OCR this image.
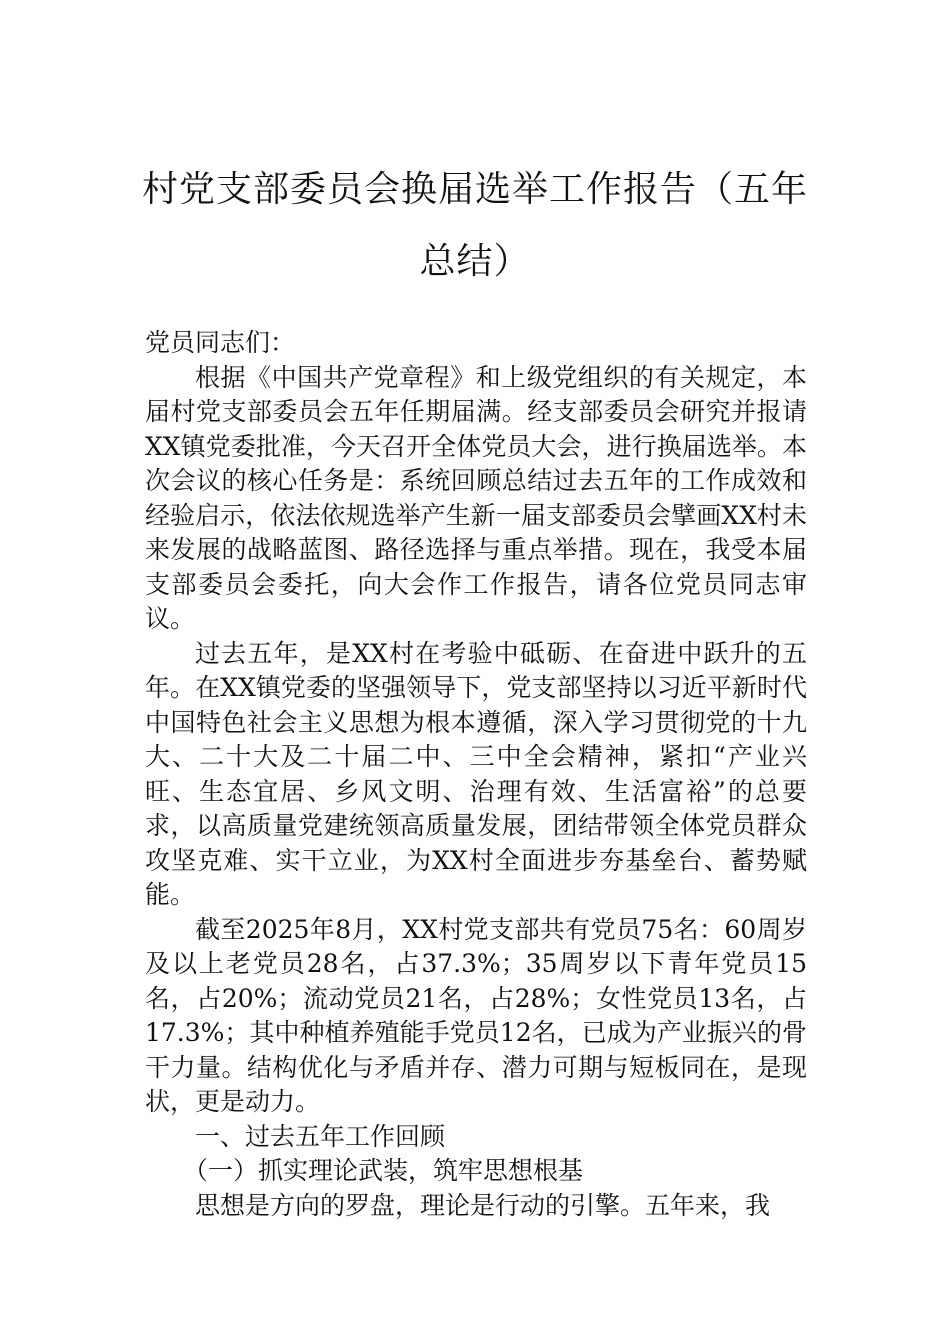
村党支部委员会换届选举工作报告（五年
总结）

党员同志们：

根据《中国共产党章程》和上级党组织的有关规定，本届村党支部委员会五年任期届满。经支部委员会研究并报请XX镇党委批准，今天召开全体党员大会，进行换届选举。本次会议的核心任务是：系统回顾总结过去五年的工作成效和经验启示，依法依规选举产生新一届支部委员会擘画XX村未来发展的战略蓝图、路径选择与重点举措。现在，我受本届支部委员会委托，向大会作工作报告，请各位党员同志审议。

过去五年，是XX村在考验中砥砺、在奋进中跃升的五年。在XX镇党委的坚强领导下，党支部坚持以习近平新时代中国特色社会主义思想为根本遵循，深入学习贯彻党的十九大、二十大及二十届二中、三中全会精神，紧扣“产业兴旺、生态宜居、乡风文明、治理有效、生活富裕”的总要求，以高质量党建统领高质量发展，团结带领全体党员群众攻坚克难、实干立业，为XX村全面进步夯基垒台、蓄势赋能。

截至2025年8月，XX村党支部共有党员75名：60周岁及以上老党员28名，占37.3%；35周岁以下青年党员15名，占20%；流动党员21名，占28%；女性党员13名，占17.3%；其中种植养殖能手党员12名，已成为产业振兴的骨干力量。结构优化与矛盾并存、潜力可期与短板同在，是现状，更是动力。

一、过去五年工作回顾

（一）抓实理论武装，筑牢思想根基

思想是方向的罗盘，理论是行动的引擎。五年来，我
